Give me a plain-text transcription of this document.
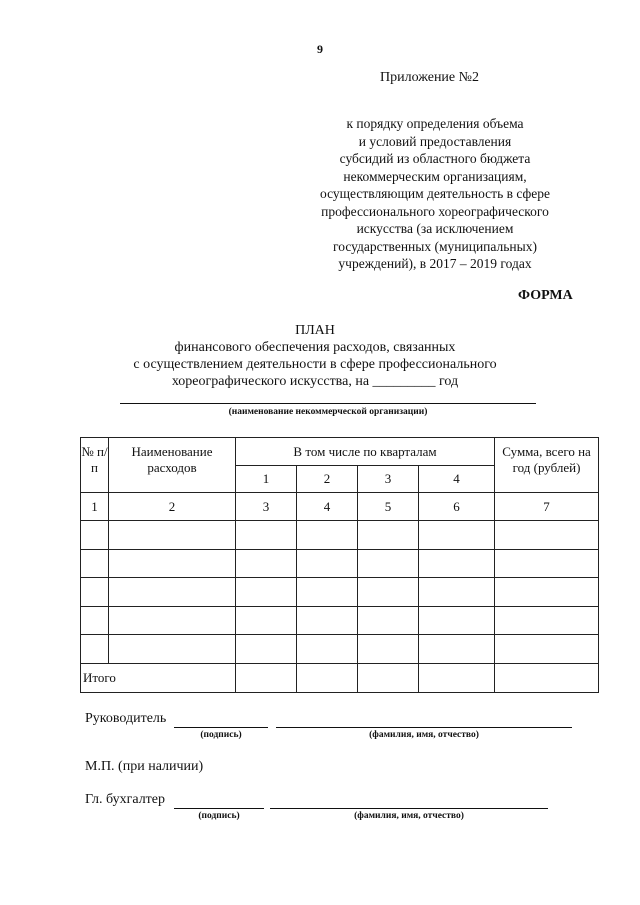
9
Приложение №2
к порядку определения объема
и условий предоставления
субсидий из областного бюджета
некоммерческим организациям,
осуществляющим деятельность в сфере
профессионального хореографического
искусства (за исключением
государственных (муниципальных)
учреждений), в 2017 – 2019 годах
ФОРМА
ПЛАН
финансового обеспечения расходов, связанных
с осуществлением деятельности в сфере профессионального
хореографического искусства, на _________ год
(наименование некоммерческой организации)
№ п/п	Наименование расходов	В том числе по кварталам				Сумма, всего на год (рублей)
		1	2	3	4	
1	2	3	4	5	6	7

Итого						
Руководитель
(подпись)	(фамилия, имя, отчество)
М.П. (при наличии)
Гл. бухгалтер
(подпись)	(фамилия, имя, отчество)
